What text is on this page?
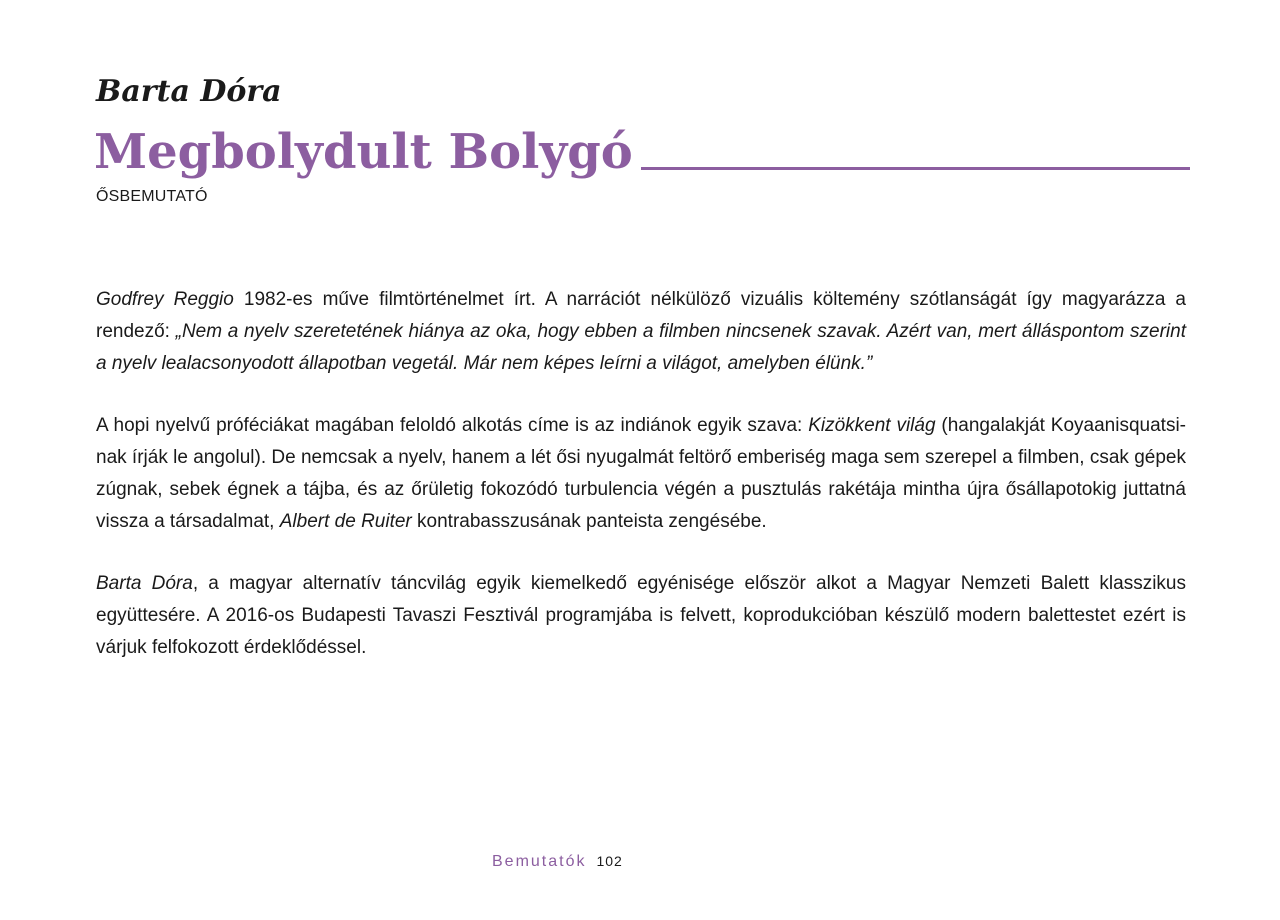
Barta Dóra
Megbolydult Bolygó
ŐSBEMUTATÓ

Godfrey Reggio 1982-es műve filmtörténelmet írt. A narrációt nélkülöző vizuális költemény szótlanságát így magyarázza a rendező: „Nem a nyelv szeretetének hiánya az oka, hogy ebben a filmben nincsenek szavak. Azért van, mert álláspontom szerint a nyelv lealacsonyodott állapotban vegetál. Már nem képes leírni a világot, amelyben élünk.”

A hopi nyelvű próféciákat magában feloldó alkotás címe is az indiánok egyik szava: Kizökkent világ (hangalakját Koyaanisquatsi-nak írják le angolul). De nemcsak a nyelv, hanem a lét ősi nyugalmát feltörő emberiség maga sem szerepel a filmben, csak gépek zúgnak, sebek égnek a tájba, és az őrületig fokozódó turbulencia végén a pusztulás rakétája mintha újra ősállapotokig juttatná vissza a társadalmat, Albert de Ruiter kontrabasszusának panteista zengésébe.

Barta Dóra, a magyar alternatív táncvilág egyik kiemelkedő egyénisége először alkot a Magyar Nemzeti Balett klasszikus együttesére. A 2016-os Budapesti Tavaszi Fesztivál programjába is felvett, koprodukcióban készülő modern balettestet ezért is várjuk felfokozott érdeklődéssel.

Bemutatók 102
